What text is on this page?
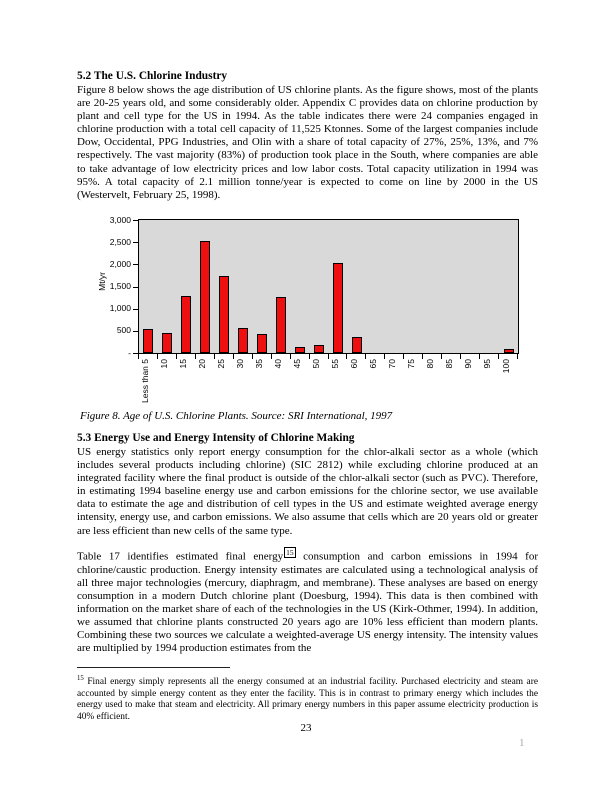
5.2 The U.S. Chlorine Industry

Figure 8 below shows the age distribution of US chlorine plants. As the figure shows, most of the plants are 20-25 years old, and some considerably older. Appendix C provides data on chlorine production by plant and cell type for the US in 1994. As the table indicates there were 24 companies engaged in chlorine production with a total cell capacity of 11,525 Ktonnes. Some of the largest companies include Dow, Occidental, PPG Industries, and Olin with a share of total capacity of 27%, 25%, 13%, and 7% respectively. The vast majority (83%) of production took place in the South, where companies are able to take advantage of low electricity prices and low labor costs. Total capacity utilization in 1994 was 95%. A total capacity of 2.1 million tonne/year is expected to come on line by 2000 in the US (Westervelt, February 25, 1998).

Mt/yr
3,000
2,500
2,000
1,500
1,000
500
-
Less than 5 10 15 20 25 30 35 40 45 50 55 60 65 70 75 80 85 90 95 100

Figure 8. Age of U.S. Chlorine Plants. Source: SRI International, 1997

5.3 Energy Use and Energy Intensity of Chlorine Making

US energy statistics only report energy consumption for the chlor-alkali sector as a whole (which includes several products including chlorine) (SIC 2812) while excluding chlorine produced at an integrated facility where the final product is outside of the chlor-alkali sector (such as PVC). Therefore, in estimating 1994 baseline energy use and carbon emissions for the chlorine sector, we use available data to estimate the age and distribution of cell types in the US and estimate weighted average energy intensity, energy use, and carbon emissions. We also assume that cells which are 20 years old or greater are less efficient than new cells of the same type.

Table 17 identifies estimated final energy $^{15}$ consumption and carbon emissions in 1994 for chlorine/caustic production. Energy intensity estimates are calculated using a technological analysis of all three major technologies (mercury, diaphragm, and membrane). These analyses are based on energy consumption in a modern Dutch chlorine plant (Doesburg, 1994). This data is then combined with information on the market share of each of the technologies in the US (Kirk-Othmer, 1994). In addition, we assumed that chlorine plants constructed 20 years ago are 10% less efficient than modern plants. Combining these two sources we calculate a weighted-average US energy intensity. The intensity values are multiplied by 1994 production estimates from the

$^{15}$ Final energy simply represents all the energy consumed at an industrial facility. Purchased electricity and steam are accounted by simple energy content as they enter the facility. This is in contrast to primary energy which includes the energy used to make that steam and electricity. All primary energy numbers in this paper assume electricity production is 40% efficient.

23
1
